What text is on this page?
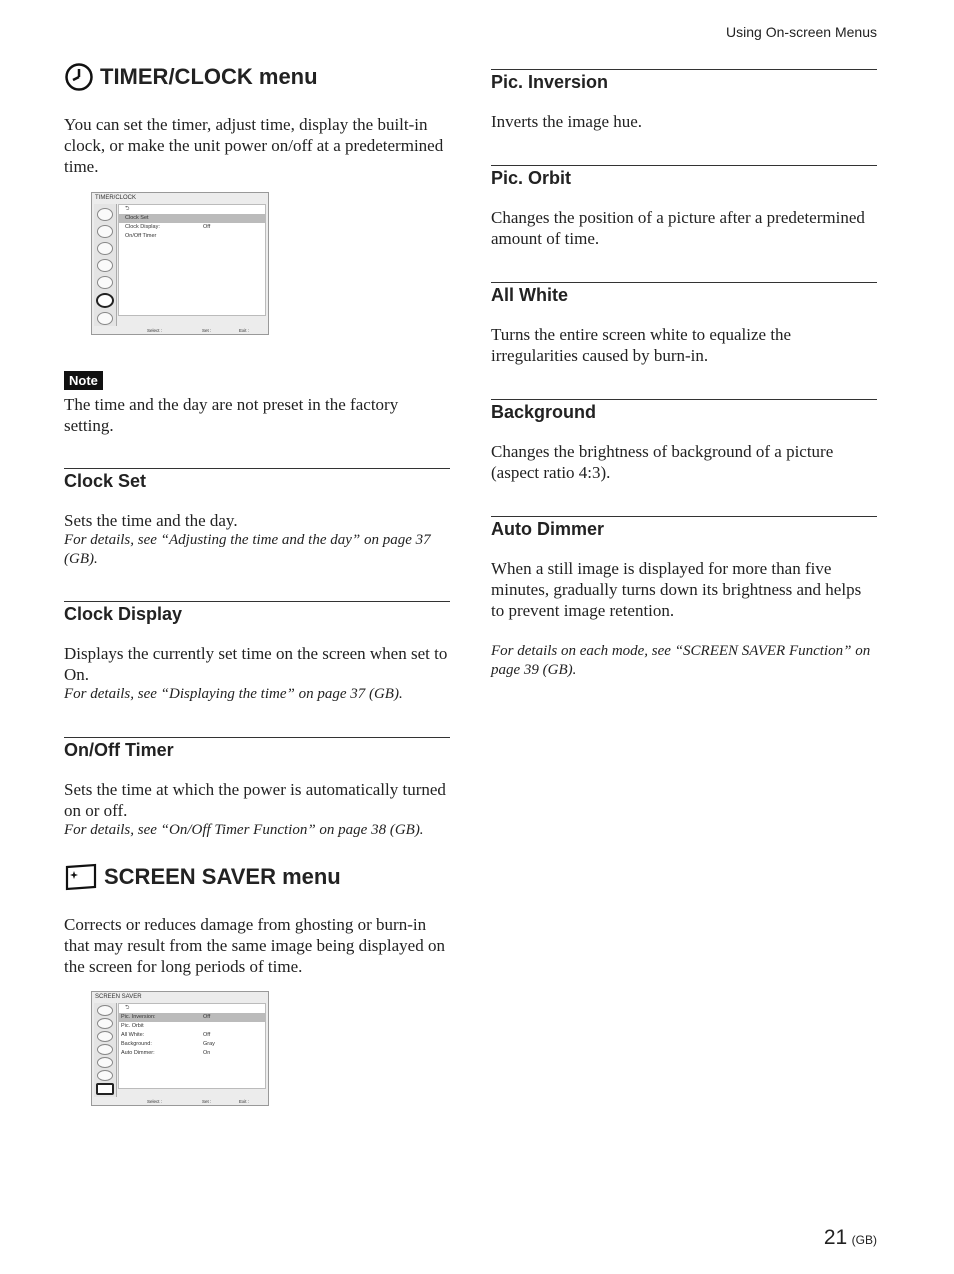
Using On-screen Menus
TIMER/CLOCK menu

You can set the timer, adjust time, display the built-in clock, or make the unit power on/off at a predetermined time.

TIMER/CLOCK
⮌
Clock Set
Clock Display:	Off
On/Off Timer
Select :	Set :	Exit :
Note

The time and the day are not preset in the factory setting.

Clock Set

Sets the time and the day.

For details, see “Adjusting the time and the day” on page 37 (GB).

Clock Display

Displays the currently set time on the screen when set to On.

For details, see “Displaying the time” on page 37 (GB).

On/Off Timer

Sets the time at which the power is automatically turned on or off.

For details, see “On/Off Timer Function” on page 38 (GB).

SCREEN SAVER menu

Corrects or reduces damage from ghosting or burn-in that may result from the same image being displayed on the screen for long periods of time.

SCREEN SAVER
⮌
Pic. Inversion:	Off
Pic. Orbit
All White:	Off
Background:	Gray
Auto Dimmer:	On
Select :	Set :	Exit :
Pic. Inversion

Inverts the image hue.

Pic. Orbit

Changes the position of a picture after a predetermined amount of time.

All White

Turns the entire screen white to equalize the irregularities caused by burn-in.

Background

Changes the brightness of background of a picture (aspect ratio 4:3).

Auto Dimmer

When a still image is displayed for more than five minutes, gradually turns down its brightness and helps to prevent image retention.

For details on each mode, see “SCREEN SAVER Function” on page 39 (GB).

21 (GB)
